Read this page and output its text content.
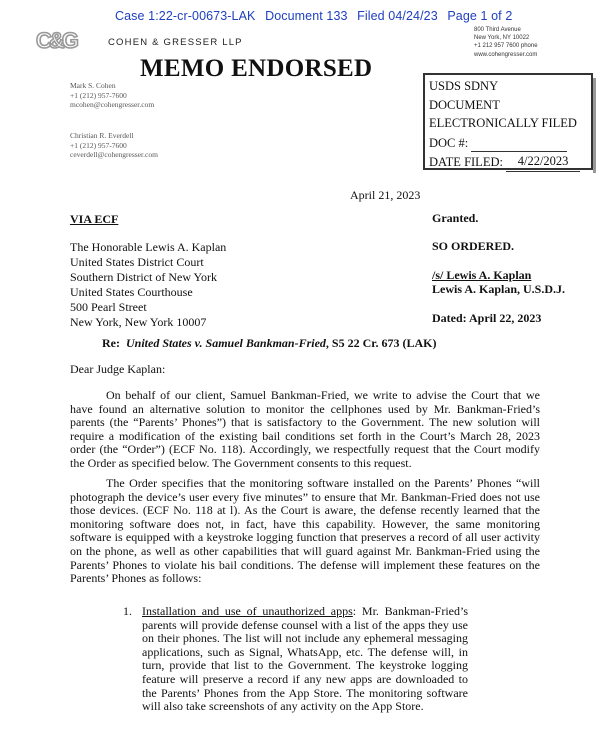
Case 1:22-cr-00673-LAK Document 133 Filed 04/24/23 Page 1 of 2
C&G	COHEN & GRESSER LLP
800 Third Avenue
New York, NY 10022
+1 212 957 7600 phone
www.cohengresser.com
MEMO ENDORSED
Mark S. Cohen
+1 (212) 957-7600
mcohen@cohengresser.com
Christian R. Everdell
+1 (212) 957-7600
ceverdell@cohengresser.com
USDS SDNY
DOCUMENT
ELECTRONICALLY FILED
DOC #:
DATE FILED: 4/22/2023
April 21, 2023
VIA ECF
The Honorable Lewis A. Kaplan
United States District Court
Southern District of New York
United States Courthouse
500 Pearl Street
New York, New York 10007
Granted.
SO ORDERED.
/s/ Lewis A. Kaplan
Lewis A. Kaplan, U.S.D.J.
Dated: April 22, 2023
Re: United States v. Samuel Bankman-Fried, S5 22 Cr. 673 (LAK)
Dear Judge Kaplan:
On behalf of our client, Samuel Bankman-Fried, we write to advise the Court that we have found an alternative solution to monitor the cellphones used by Mr. Bankman-Fried’s parents (the “Parents’ Phones”) that is satisfactory to the Government. The new solution will require a modification of the existing bail conditions set forth in the Court’s March 28, 2023 order (the “Order”) (ECF No. 118). Accordingly, we respectfully request that the Court modify the Order as specified below. The Government consents to this request.
The Order specifies that the monitoring software installed on the Parents’ Phones “will photograph the device’s user every five minutes” to ensure that Mr. Bankman-Fried does not use those devices. (ECF No. 118 at l). As the Court is aware, the defense recently learned that the monitoring software does not, in fact, have this capability. However, the same monitoring software is equipped with a keystroke logging function that preserves a record of all user activity on the phone, as well as other capabilities that will guard against Mr. Bankman-Fried using the Parents’ Phones to violate his bail conditions. The defense will implement these features on the Parents’ Phones as follows:
1. Installation and use of unauthorized apps: Mr. Bankman-Fried’s parents will provide defense counsel with a list of the apps they use on their phones. The list will not include any ephemeral messaging applications, such as Signal, WhatsApp, etc. The defense will, in turn, provide that list to the Government. The keystroke logging feature will preserve a record if any new apps are downloaded to the Parents’ Phones from the App Store. The monitoring software will also take screenshots of any activity on the App Store.
